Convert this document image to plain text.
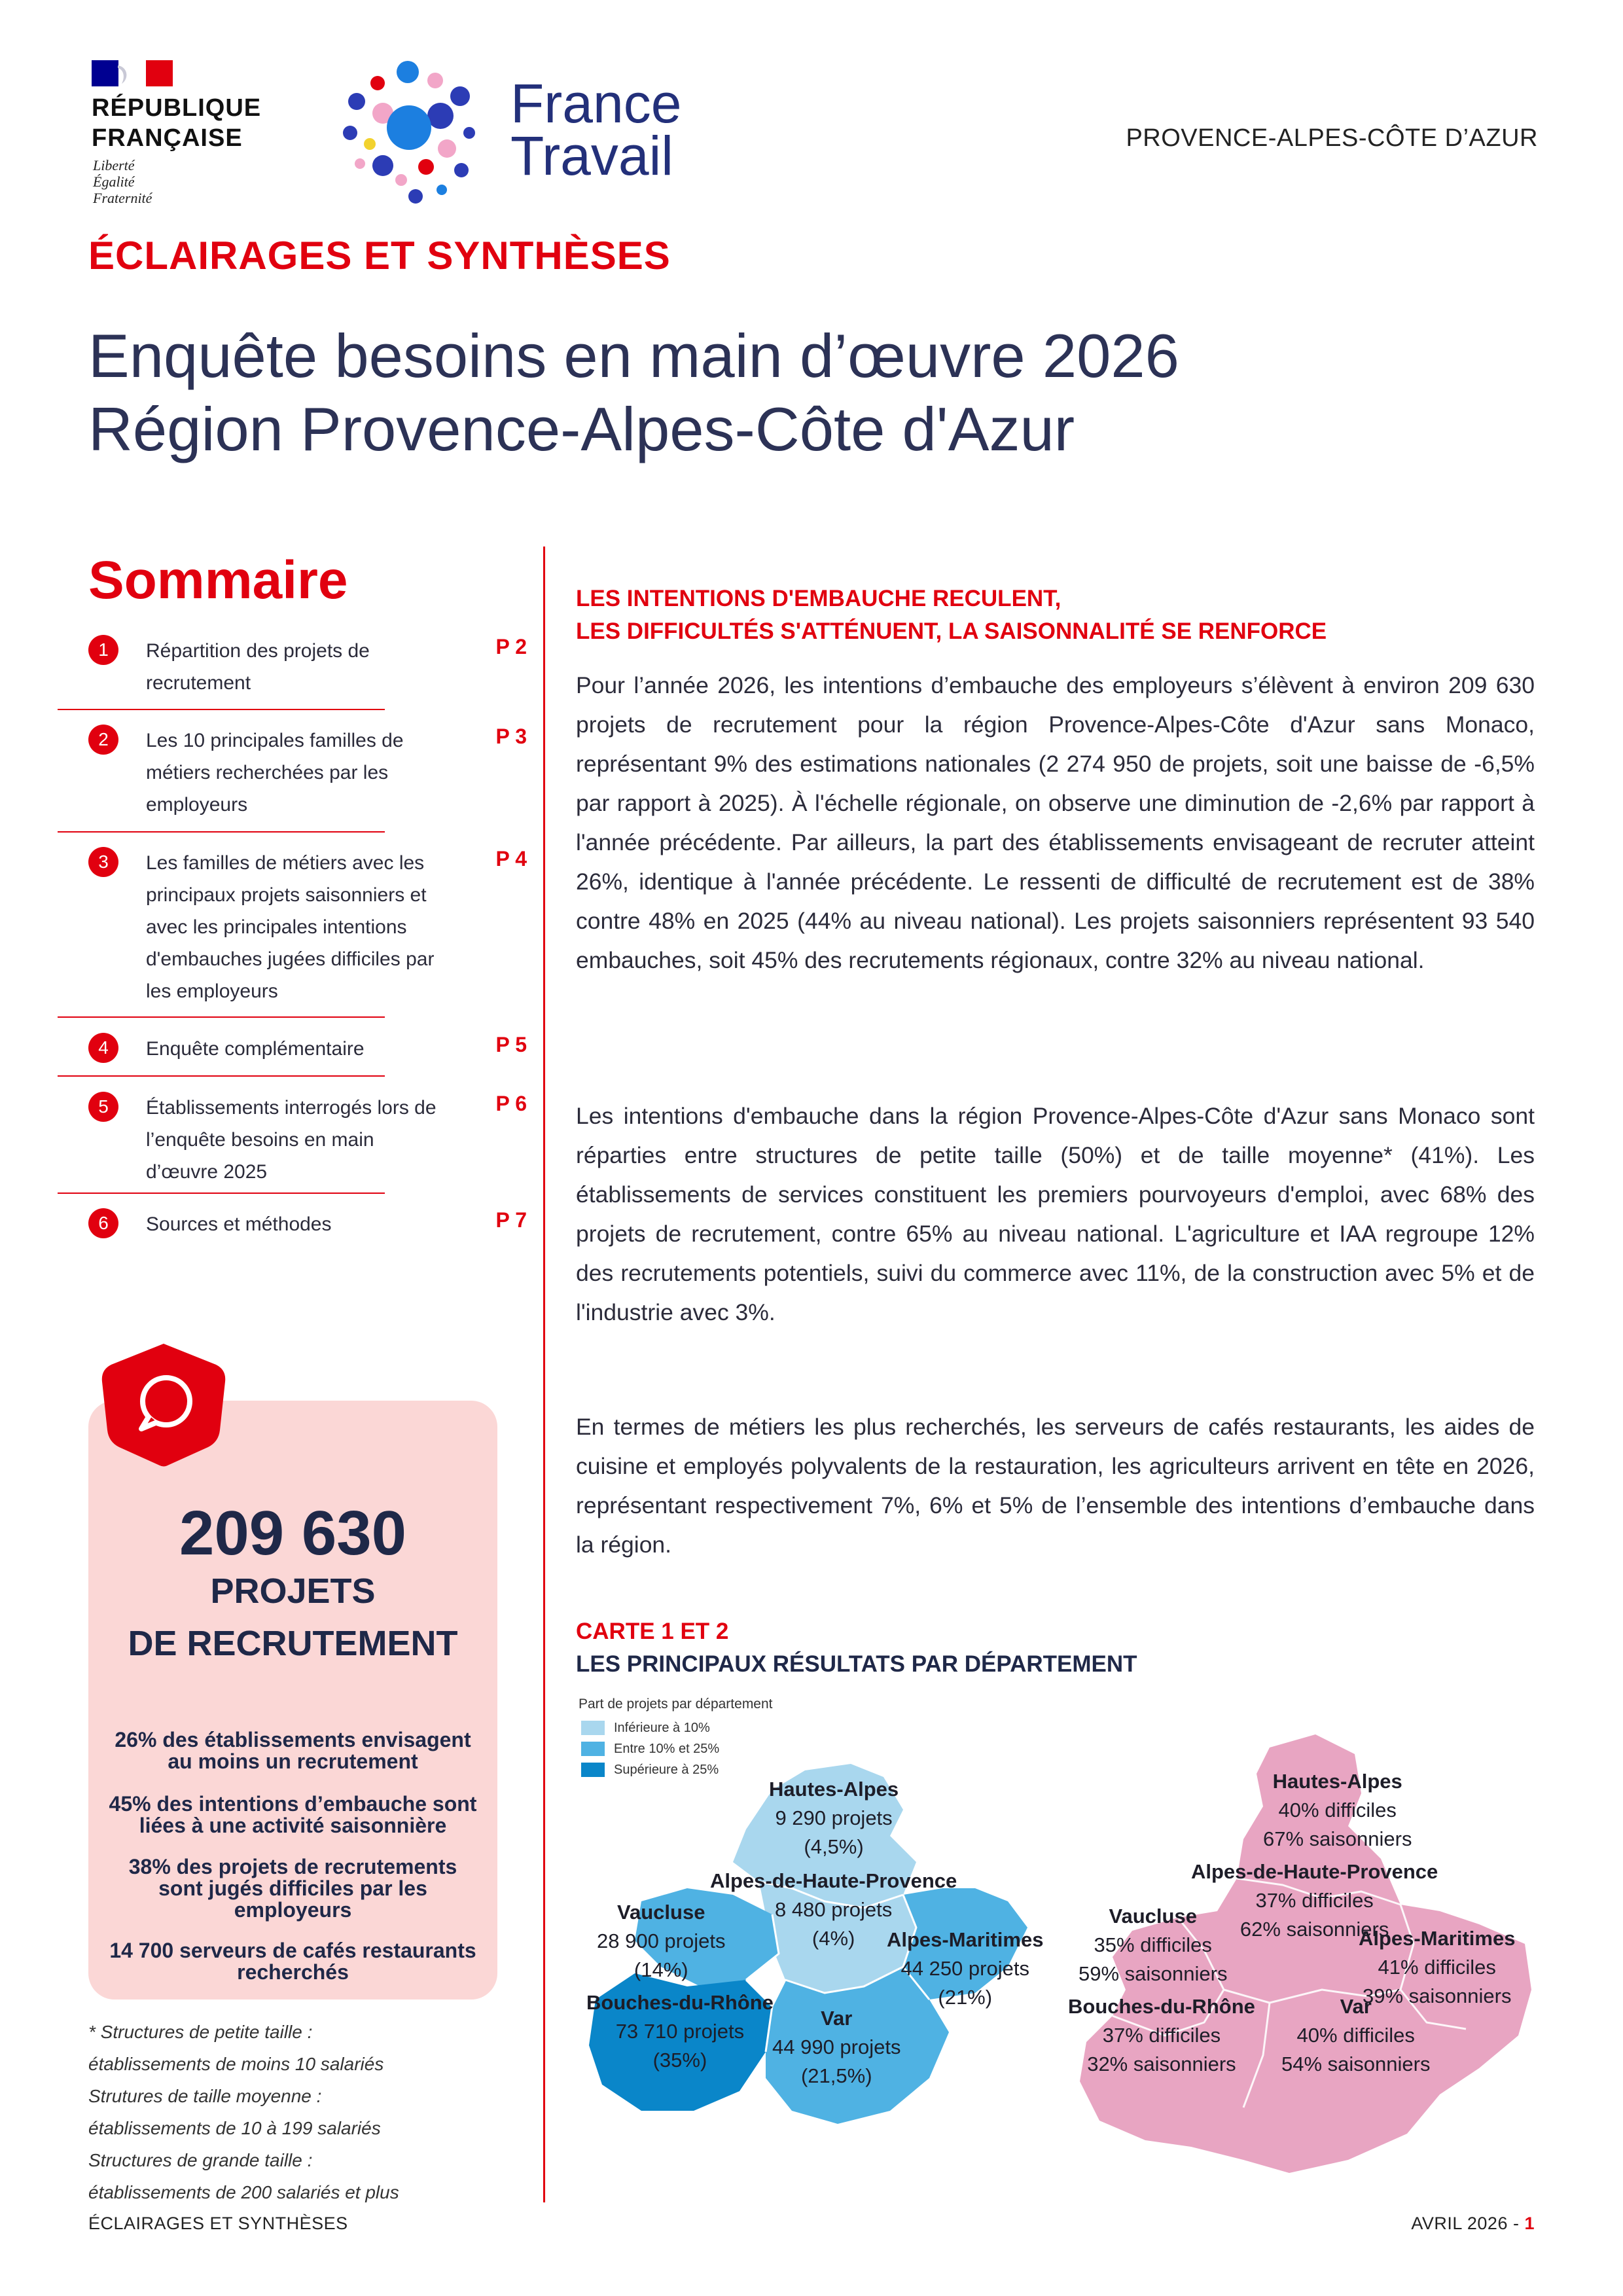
RÉPUBLIQUE
FRANÇAISE
Liberté
Égalité
Fraternité
France
Travail	PROVENCE-ALPES-CÔTE D’AZUR
ÉCLAIRAGES ET SYNTHÈSES
Enquête besoins en main d’œuvre 2026
Région Provence-Alpes-Côte d'Azur
Sommaire
1	Répartition des projets de
recrutement
P 2
2	Les 10 principales familles de
métiers recherchées par les
employeurs
P 3
3	Les familles de métiers avec les
principaux projets saisonniers et
avec les principales intentions
d'embauches jugées difficiles par
les employeurs
P 4
4	Enquête complémentaire	P 5
5	Établissements interrogés lors de
l’enquête besoins en main
d’œuvre 2025
P 6
6	Sources et méthodes	P 7
209 630
PROJETS
DE RECRUTEMENT
26% des établissements envisagent
au moins un recrutement
45% des intentions d’embauche sont
liées à une activité saisonnière
38% des projets de recrutements
sont jugés difficiles par les
employeurs
14 700 serveurs de cafés restaurants
recherchés
* Structures de petite taille :
établissements de moins 10 salariés
Strutures de taille moyenne :
établissements de 10 à 199 salariés
Structures de grande taille :
établissements de 200 salariés et plus
LES INTENTIONS D'EMBAUCHE RECULENT,
LES DIFFICULTÉS S'ATTÉNUENT, LA SAISONNALITÉ SE RENFORCE
Pour l’année 2026, les intentions d’embauche des employeurs s’élèvent à environ 209 630 projets de recrutement pour la région Provence-Alpes-Côte d'Azur sans Monaco, représentant 9% des estimations nationales (2 274 950 de projets, soit une baisse de -6,5% par rapport à 2025). À l'échelle régionale, on observe une diminution de -2,6% par rapport à l'année précédente. Par ailleurs, la part des établissements envisageant de recruter atteint 26%, identique à l'année précédente. Le ressenti de difficulté de recrutement est de 38% contre 48% en 2025 (44% au niveau national). Les projets saisonniers représentent 93 540 embauches, soit 45% des recrutements régionaux, contre 32% au niveau national.
Les intentions d'embauche dans la région Provence-Alpes-Côte d'Azur sans Monaco sont réparties entre structures de petite taille (50%) et de taille moyenne* (41%). Les établissements de services constituent les premiers pourvoyeurs d'emploi, avec 68% des projets de recrutement, contre 65% au niveau national. L'agriculture et IAA regroupe 12% des recrutements potentiels, suivi du commerce avec 11%, de la construction avec 5% et de l'industrie avec 3%.
En termes de métiers les plus recherchés, les serveurs de cafés restaurants, les aides de cuisine et employés polyvalents de la restauration, les agriculteurs arrivent en tête en 2026, représentant respectivement 7%, 6% et 5% de l’ensemble des intentions d’embauche dans la région.
CARTE 1 ET 2
LES PRINCIPAUX RÉSULTATS PAR DÉPARTEMENT
Part de projets par département
Inférieure à 10%
Entre 10% et 25%
Supérieure à 25%
Hautes-Alpes
9 290 projets
(4,5%)
Alpes-de-Haute-Provence
8 480 projets
(4%)
Vaucluse
28 900 projets
(14%)
Alpes-Maritimes
44 250 projets
(21%)
Bouches-du-Rhône
73 710 projets
(35%)
Var
44 990 projets
(21,5%)
Hautes-Alpes
40% difficiles
67% saisonniers
Alpes-de-Haute-Provence
37% difficiles
62% saisonniers
Vaucluse
35% difficiles
59% saisonniers
Alpes-Maritimes
41% difficiles
39% saisonniers
Bouches-du-Rhône
37% difficiles
32% saisonniers
Var
40% difficiles
54% saisonniers
ÉCLAIRAGES ET SYNTHÈSES	AVRIL 2026 - 1
